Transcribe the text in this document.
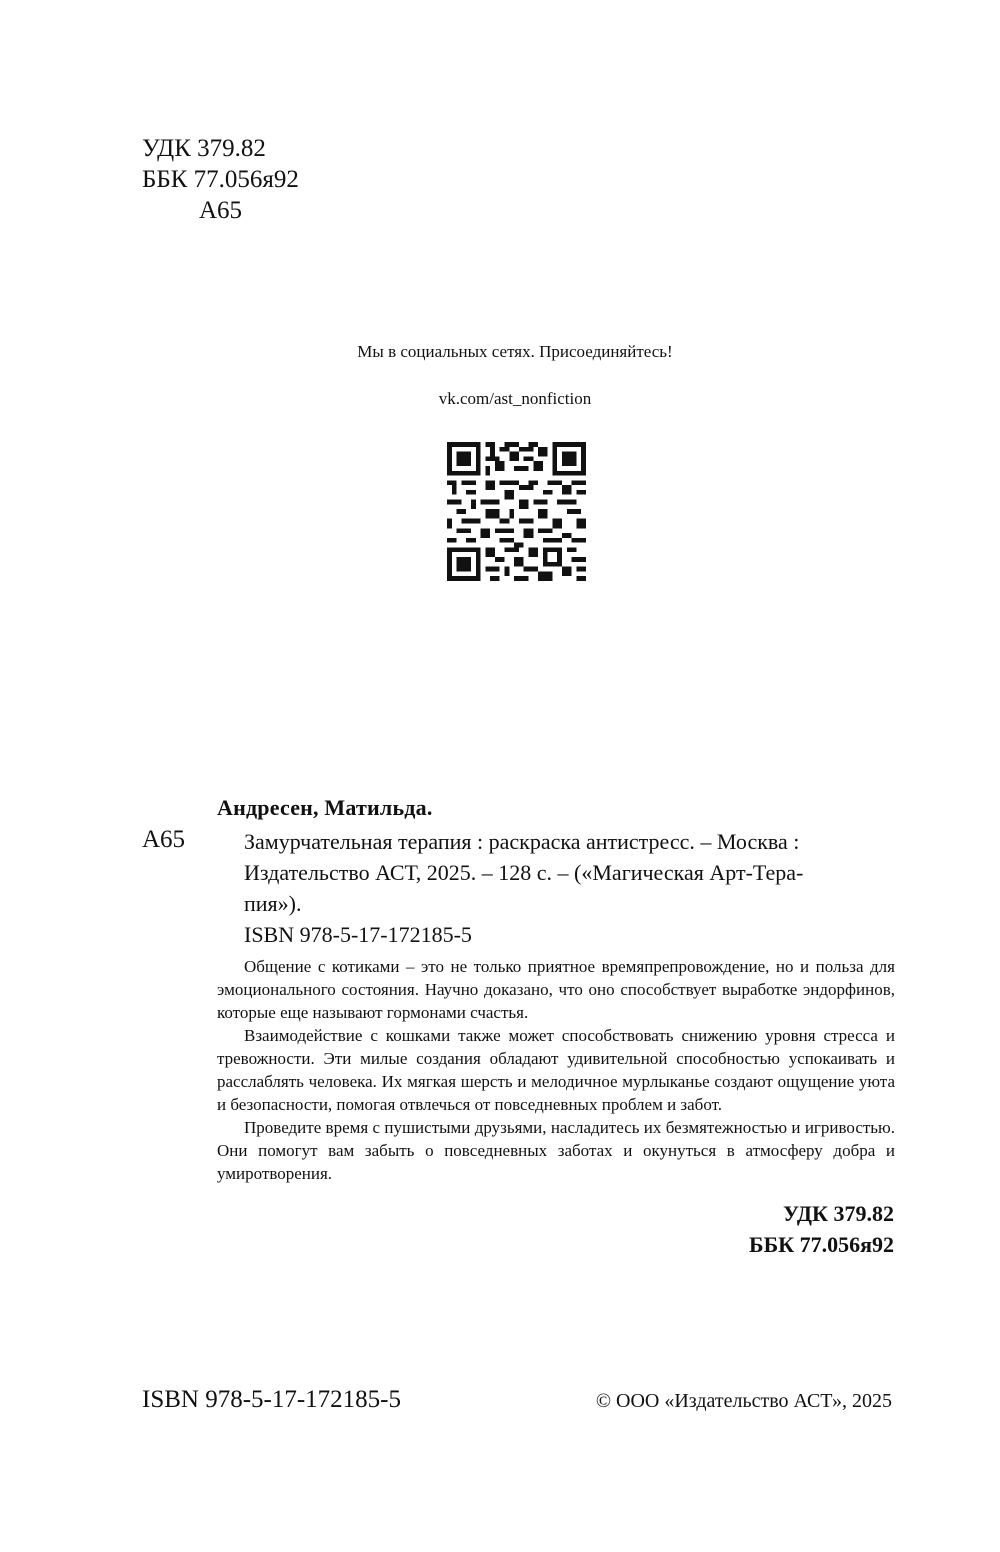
УДК 379.82
ББК 77.056я92
А65
Мы в социальных сетях. Присоединяйтесь!
vk.com/ast_nonfiction
Андресен, Матильда.
А65	Замурчательная терапия : раскраска антистресс. – Москва :
Издательство АСТ, 2025. – 128 с. – («Магическая Арт-Тера-
пия»).
ISBN 978-5-17-172185-5

Общение с котиками – это не только приятное времяпрепровождение, но и польза для эмоционального состояния. Научно доказано, что оно способствует выработке эндорфинов, которые еще называют гормонами счастья.

Взаимодействие с кошками также может способствовать снижению уровня стресса и тревожности. Эти милые создания обладают удивительной способностью успокаивать и расслаблять человека. Их мягкая шерсть и мелодичное мурлыканье создают ощущение уюта и безопасности, помогая отвлечься от повседневных проблем и забот.

Проведите время с пушистыми друзьями, насладитесь их безмятежностью и игривостью. Они помогут вам забыть о повседневных заботах и окунуться в атмосферу добра и умиротворения.

УДК 379.82
ББК 77.056я92
ISBN 978-5-17-172185-5	© ООО «Издательство АСТ», 2025
